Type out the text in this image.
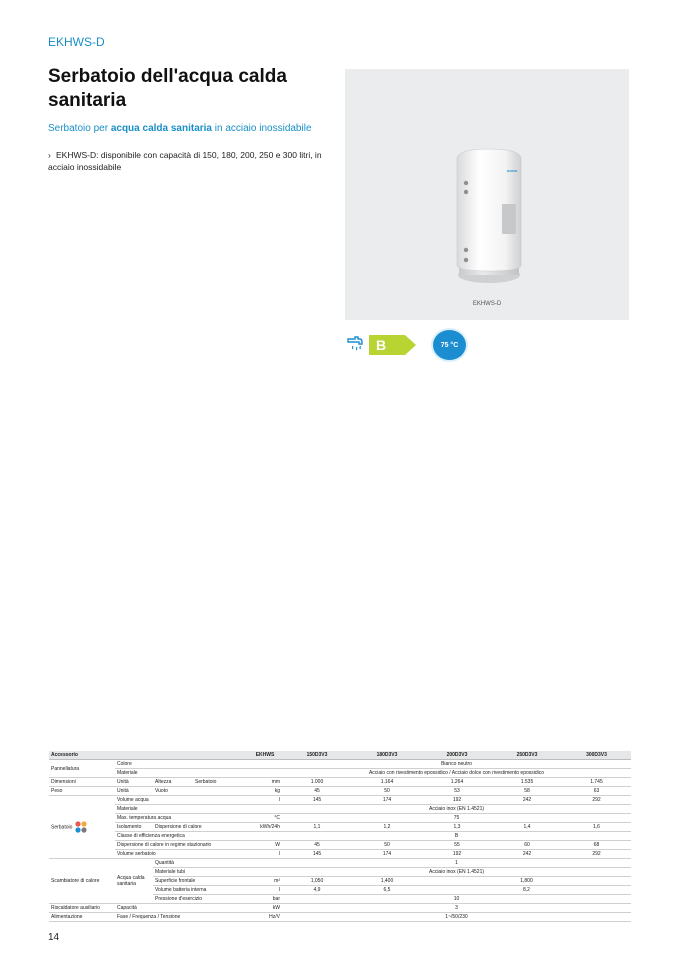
EKHWS-D
Serbatoio dell'acqua calda sanitaria
Serbatoio per acqua calda sanitaria in acciaio inossidabile
› EKHWS-D: disponibile con capacità di 150, 180, 200, 250 e 300 litri, in acciaio inossidabile	DAIKIN
EKHWS-D
B	75 °C
Accessorio				EKHWS	150D3V3	180D3V3	200D3V3	250D3V3	300D3V3
Pannellatura	Colore				Bianco neutro				
	Materiale				Acciaio con rivestimento epossidico / Acciaio dolce con rivestimento epossidico				
Dimensioni	Unità	Altezza	Serbatoio	mm	1.000	1.164	1.264	1.535	1.745
Peso	Unità	Vuoto		kg	45	50	53	58	63
Serbatoio	Volume acqua			l	145	174	192	242	292
	Materiale				Acciaio inox (EN 1.4521)				
	Max. temperatura acqua			°C	75				
	Isolamento	Dispersione di calore		kWh/24h	1,1	1,2	1,3	1,4	1,6
	Classe di efficienza energetica				B				
	Dispersione di calore in regime stazionario			W	45	50	55	60	68
	Volume serbatoio			l	145	174	192	242	292
Scambiatore di calore	Acqua calda sanitaria	Quantità			1				
		Materiale tubi			Acciaio inox (EN 1.4521)				
		Superficie frontale		m²	1,050	1,400	1,800		
		Volume batteria interna		l	4,9	6,5	8,2		
		Pressione d'esercizio		bar	10				
Riscaldatore ausiliario	Capacità			kW	3				
Alimentazione	Fase / Frequenza / Tensione			Hz/V	1~/50/230				
14
